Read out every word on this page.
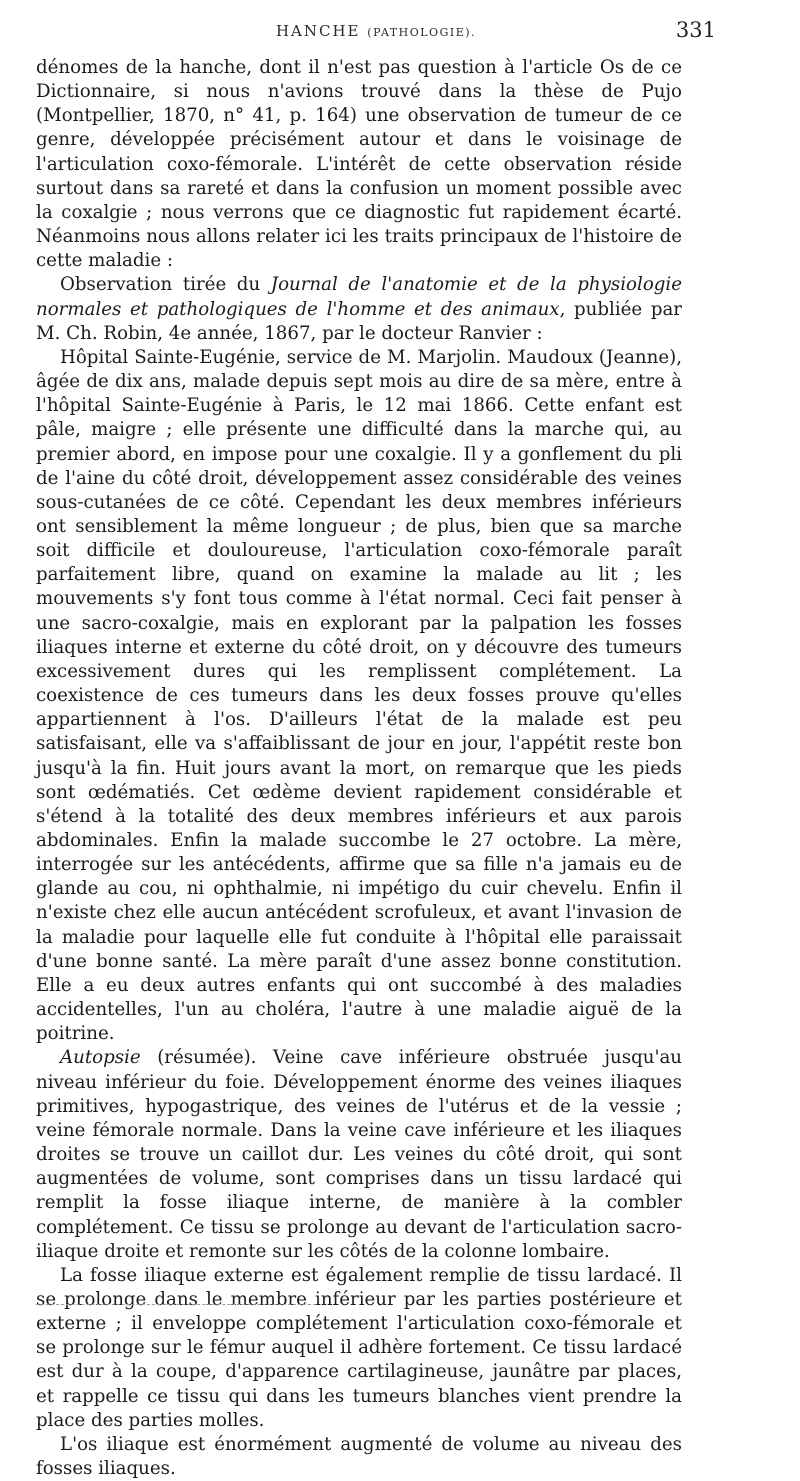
HANCHE (PATHOLOGIE).	331

dénomes de la hanche, dont il n'est pas question à l'article Os de ce Dictionnaire, si nous n'avions trouvé dans la thèse de Pujo (Montpellier, 1870, n° 41, p. 164) une observation de tumeur de ce genre, développée précisément autour et dans le voisinage de l'articulation coxo-fémorale. L'intérêt de cette observation réside surtout dans sa rareté et dans la confusion un moment possible avec la coxalgie ; nous verrons que ce diagnostic fut rapidement écarté. Néanmoins nous allons relater ici les traits principaux de l'histoire de cette maladie :

Observation tirée du Journal de l'anatomie et de la physiologie normales et pathologiques de l'homme et des animaux, publiée par M. Ch. Robin, 4e année, 1867, par le docteur Ranvier :

Hôpital Sainte-Eugénie, service de M. Marjolin. Maudoux (Jeanne), âgée de dix ans, malade depuis sept mois au dire de sa mère, entre à l'hôpital Sainte-Eugénie à Paris, le 12 mai 1866. Cette enfant est pâle, maigre ; elle présente une difficulté dans la marche qui, au premier abord, en impose pour une coxalgie. Il y a gonflement du pli de l'aine du côté droit, développement assez considérable des veines sous-cutanées de ce côté. Cependant les deux membres inférieurs ont sensiblement la même longueur ; de plus, bien que sa marche soit difficile et douloureuse, l'articulation coxo-fémorale paraît parfaitement libre, quand on examine la malade au lit ; les mouvements s'y font tous comme à l'état normal. Ceci fait penser à une sacro-coxalgie, mais en explorant par la palpation les fosses iliaques interne et externe du côté droit, on y découvre des tumeurs excessivement dures qui les remplissent complétement. La coexistence de ces tumeurs dans les deux fosses prouve qu'elles appartiennent à l'os. D'ailleurs l'état de la malade est peu satisfaisant, elle va s'affaiblissant de jour en jour, l'appétit reste bon jusqu'à la fin. Huit jours avant la mort, on remarque que les pieds sont œdématiés. Cet œdème devient rapidement considérable et s'étend à la totalité des deux membres inférieurs et aux parois abdominales. Enfin la malade succombe le 27 octobre. La mère, interrogée sur les antécédents, affirme que sa fille n'a jamais eu de glande au cou, ni ophthalmie, ni impétigo du cuir chevelu. Enfin il n'existe chez elle aucun antécédent scrofuleux, et avant l'invasion de la maladie pour laquelle elle fut conduite à l'hôpital elle paraissait d'une bonne santé. La mère paraît d'une assez bonne constitution. Elle a eu deux autres enfants qui ont succombé à des maladies accidentelles, l'un au choléra, l'autre à une maladie aiguë de la poitrine.

Autopsie (résumée). Veine cave inférieure obstruée jusqu'au niveau inférieur du foie. Développement énorme des veines iliaques primitives, hypogastrique, des veines de l'utérus et de la vessie ; veine fémorale normale. Dans la veine cave inférieure et les iliaques droites se trouve un caillot dur. Les veines du côté droit, qui sont augmentées de volume, sont comprises dans un tissu lardacé qui remplit la fosse iliaque interne, de manière à la combler complétement. Ce tissu se prolonge au devant de l'articulation sacro-iliaque droite et remonte sur les côtés de la colonne lombaire.

La fosse iliaque externe est également remplie de tissu lardacé. Il se prolonge dans le membre inférieur par les parties postérieure et externe ; il enveloppe complétement l'articulation coxo-fémorale et se prolonge sur le fémur auquel il adhère fortement. Ce tissu lardacé est dur à la coupe, d'apparence cartilagineuse, jaunâtre par places, et rappelle ce tissu qui dans les tumeurs blanches vient prendre la place des parties molles.

L'os iliaque est énormément augmenté de volume au niveau des fosses iliaques.
